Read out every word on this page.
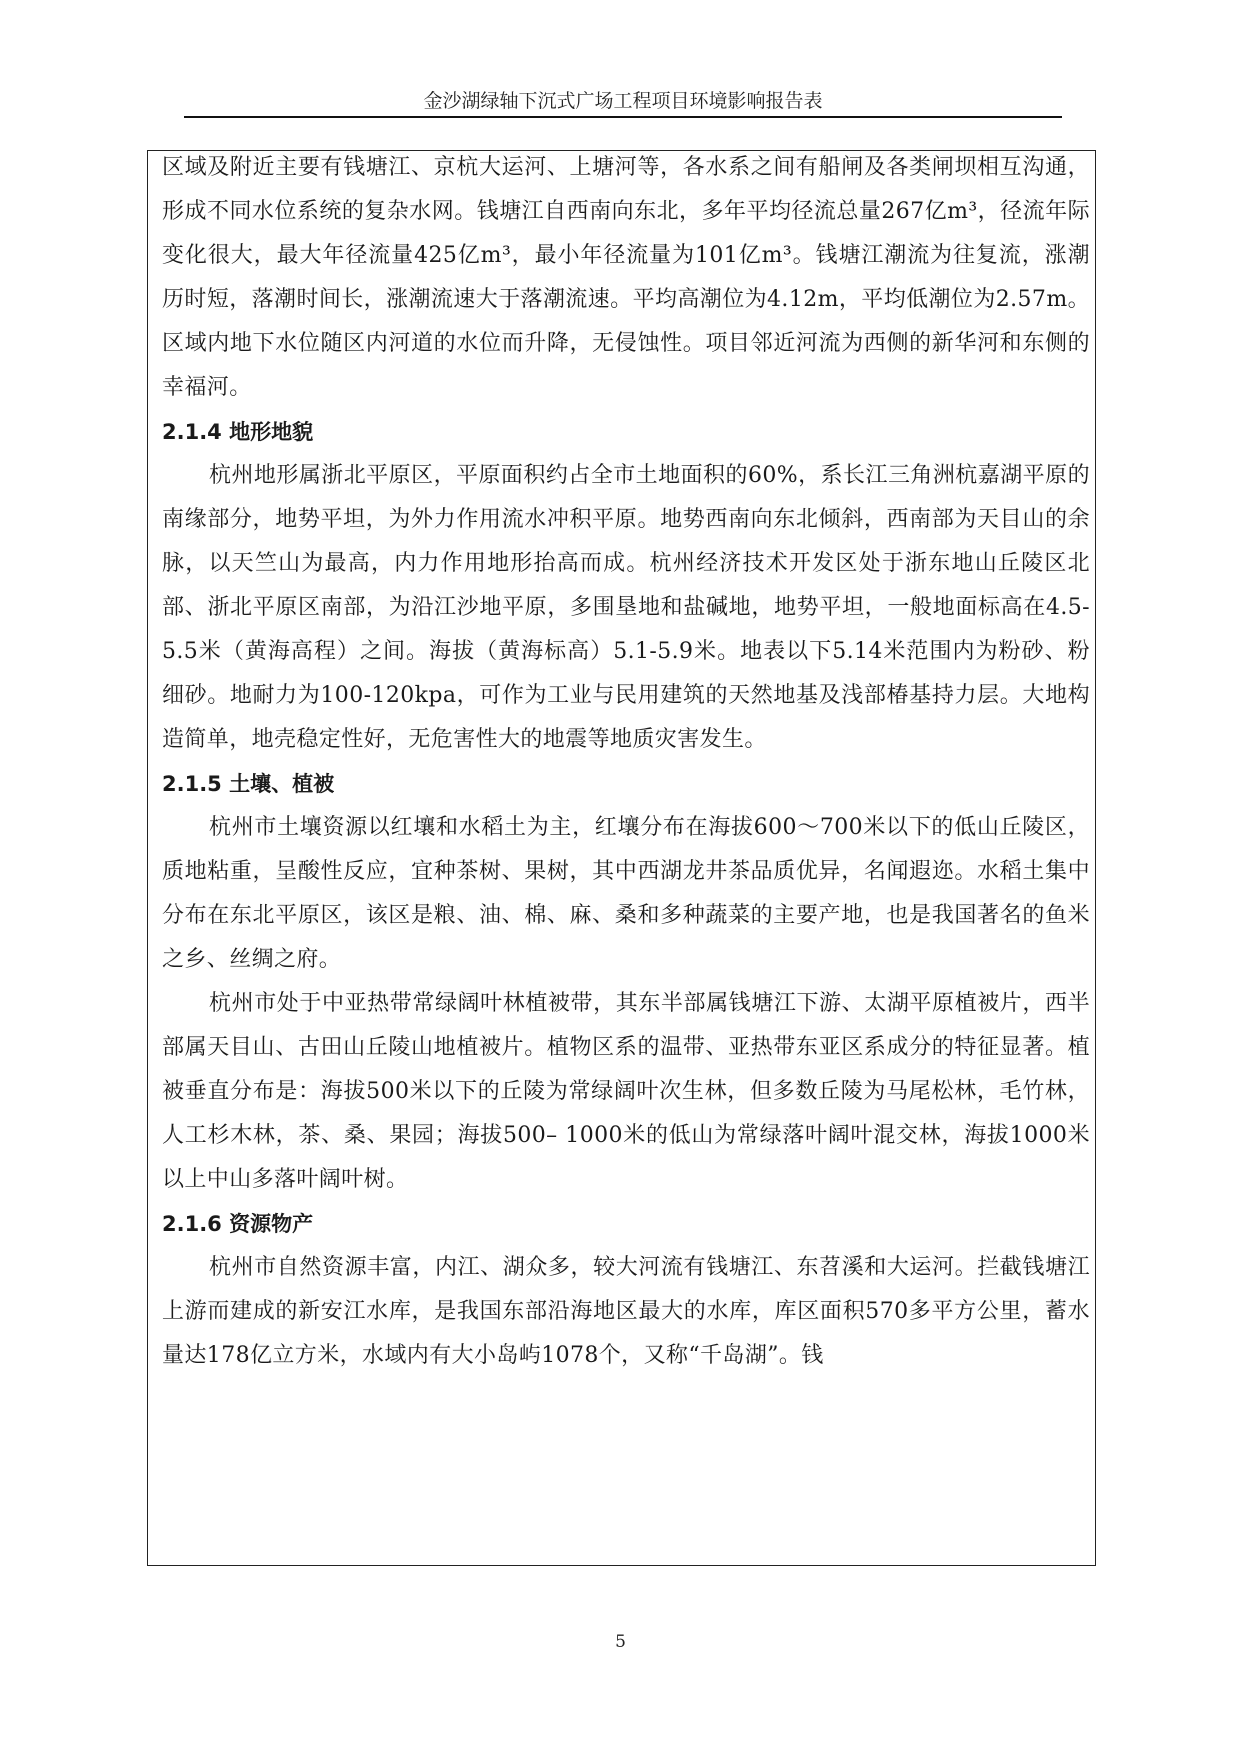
金沙湖绿轴下沉式广场工程项目环境影响报告表

区域及附近主要有钱塘江、京杭大运河、上塘河等，各水系之间有船闸及各类闸坝相互沟通，形成不同水位系统的复杂水网。钱塘江自西南向东北，多年平均径流总量267亿m³，径流年际变化很大，最大年径流量425亿m³，最小年径流量为101亿m³。钱塘江潮流为往复流，涨潮历时短，落潮时间长，涨潮流速大于落潮流速。平均高潮位为4.12m，平均低潮位为2.57m。区域内地下水位随区内河道的水位而升降，无侵蚀性。项目邻近河流为西侧的新华河和东侧的幸福河。

2.1.4 地形地貌

杭州地形属浙北平原区，平原面积约占全市土地面积的60%，系长江三角洲杭嘉湖平原的南缘部分，地势平坦，为外力作用流水冲积平原。地势西南向东北倾斜，西南部为天目山的余脉，以天竺山为最高，内力作用地形抬高而成。杭州经济技术开发区处于浙东地山丘陵区北部、浙北平原区南部，为沿江沙地平原，多围垦地和盐碱地，地势平坦，一般地面标高在4.5-5.5米（黄海高程）之间。海拔（黄海标高）5.1-5.9米。地表以下5.14米范围内为粉砂、粉细砂。地耐力为100-120kpa，可作为工业与民用建筑的天然地基及浅部椿基持力层。大地构造简单，地壳稳定性好，无危害性大的地震等地质灾害发生。

2.1.5 土壤、植被

杭州市土壤资源以红壤和水稻土为主，红壤分布在海拔600～700米以下的低山丘陵区，质地粘重，呈酸性反应，宜种茶树、果树，其中西湖龙井茶品质优异，名闻遐迩。水稻土集中分布在东北平原区，该区是粮、油、棉、麻、桑和多种蔬菜的主要产地，也是我国著名的鱼米之乡、丝绸之府。

杭州市处于中亚热带常绿阔叶林植被带，其东半部属钱塘江下游、太湖平原植被片，西半部属天目山、古田山丘陵山地植被片。植物区系的温带、亚热带东亚区系成分的特征显著。植被垂直分布是：海拔500米以下的丘陵为常绿阔叶次生林，但多数丘陵为马尾松林，毛竹林，人工杉木林，茶、桑、果园；海拔500– 1000米的低山为常绿落叶阔叶混交林，海拔1000米以上中山多落叶阔叶树。

2.1.6 资源物产

杭州市自然资源丰富，内江、湖众多，较大河流有钱塘江、东苕溪和大运河。拦截钱塘江上游而建成的新安江水库，是我国东部沿海地区最大的水库，库区面积570多平方公里，蓄水量达178亿立方米，水域内有大小岛屿1078个，又称“千岛湖”。钱

5
